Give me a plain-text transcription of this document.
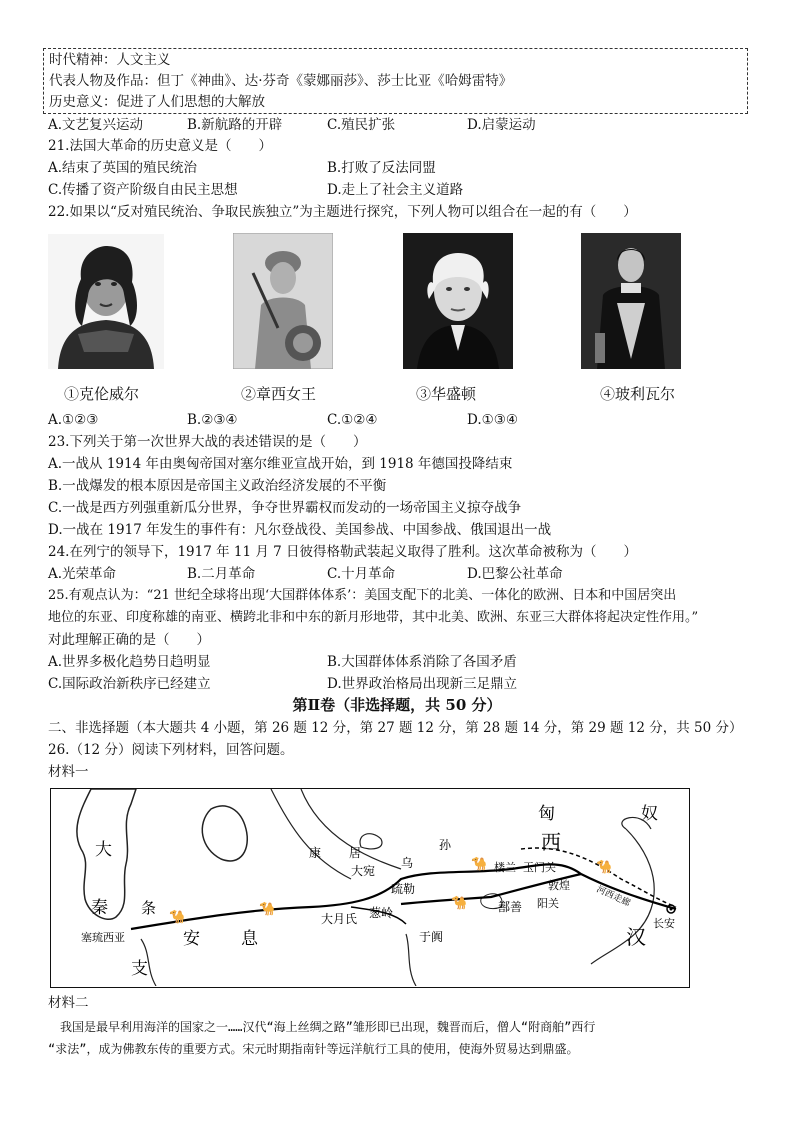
时代精神：人文主义
代表人物及作品：但丁《神曲》、达·芬奇《蒙娜丽莎》、莎士比亚《哈姆雷特》
历史意义：促进了人们思想的大解放
A.文艺复兴运动	B.新航路的开辟	C.殖民扩张	D.启蒙运动
21.法国大革命的历史意义是（　　）
A.结束了英国的殖民统治	B.打败了反法同盟
C.传播了资产阶级自由民主思想	D.走上了社会主义道路
22.如果以“反对殖民统治、争取民族独立”为主题进行探究，下列人物可以组合在一起的有（　　）
①克伦威尔	②章西女王	③华盛顿	④玻利瓦尔
A.①②③	B.②③④	C.①②④	D.①③④
23.下列关于第一次世界大战的表述错误的是（　　）
A.一战从 1914 年由奥匈帝国对塞尔维亚宣战开始，到 1918 年德国投降结束
B.一战爆发的根本原因是帝国主义政治经济发展的不平衡
C.一战是西方列强重新瓜分世界，争夺世界霸权而发动的一场帝国主义掠夺战争
D.一战在 1917 年发生的事件有：凡尔登战役、美国参战、中国参战、俄国退出一战
24.在列宁的领导下，1917 年 11 月 7 日彼得格勒武装起义取得了胜利。这次革命被称为（　　）
A.光荣革命	B.二月革命	C.十月革命	D.巴黎公社革命
25.有观点认为：“21 世纪全球将出现‘大国群体体系’：美国支配下的北美、一体化的欧洲、日本和中国居突出
地位的东亚、印度称雄的南亚、横跨北非和中东的新月形地带，其中北美、欧洲、东亚三大群体将起决定性作用。”
对此理解正确的是（　　）
A.世界多极化趋势日趋明显	B.大国群体体系消除了各国矛盾
C.国际政治新秩序已经建立	D.世界政治格局出现新三足鼎立
第Ⅱ卷（非选择题，共 50 分）
二、非选择题（本大题共 4 小题，第 26 题 12 分，第 27 题 12 分，第 28 题 14 分，第 29 题 12 分，共 50 分）
26.（12 分）阅读下列材料，回答问题。
材料一
🐪
🐪	🐪
🐪	🐪
匈	奴
西
汉
长安
康 居
乌
孙
大宛	楼兰 玉门关
敦煌
阳关	河西走廊
疏勒
鄯善
于阗
葱岭
大月氏
大
秦 条
安 息
支
塞琉西亚
材料二
我国是最早利用海洋的国家之一……汉代“海上丝绸之路”雏形即已出现，魏晋而后，僧人“附商舶”西行
“求法”，成为佛教东传的重要方式。宋元时期指南针等远洋航行工具的使用，使海外贸易达到鼎盛。
